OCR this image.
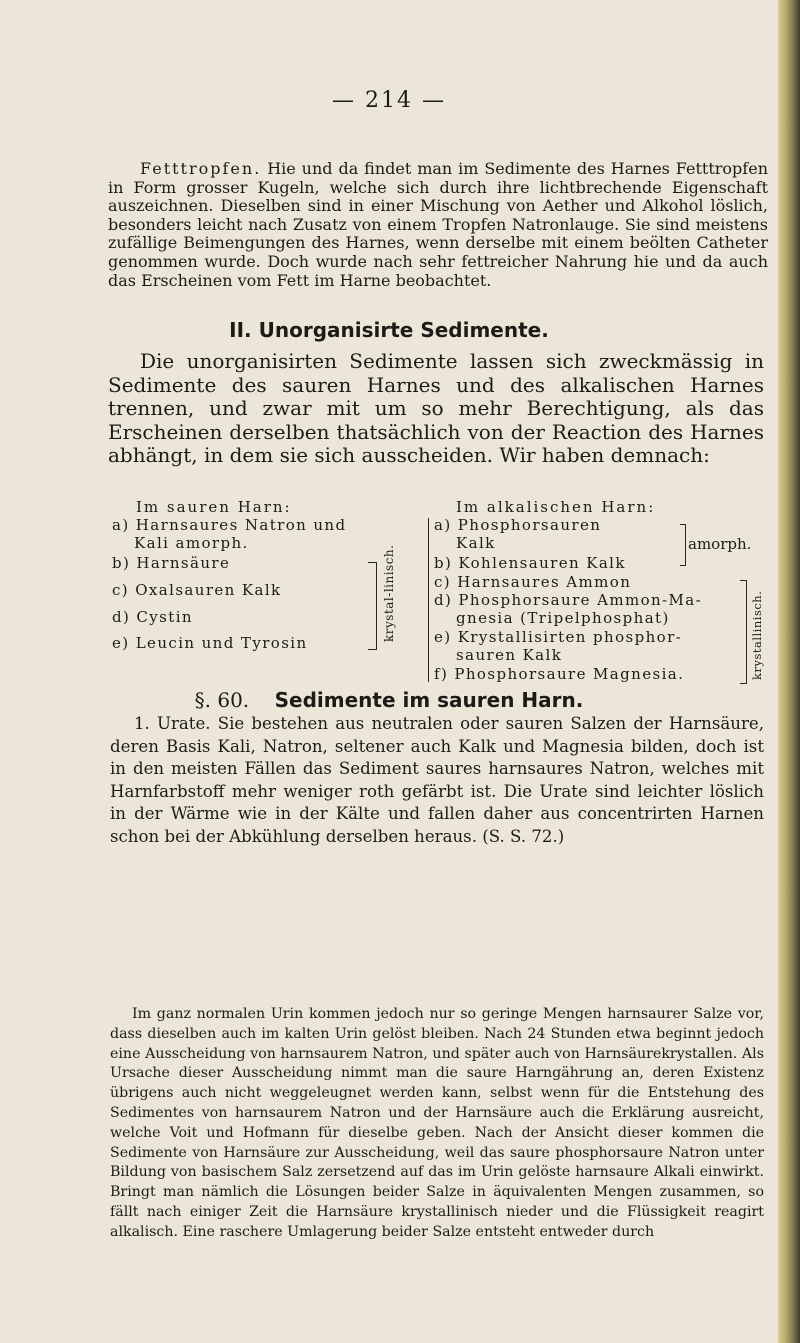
— 214 —

Fetttropfen. Hie und da findet man im Sedimente des Harnes Fetttropfen in Form grosser Kugeln, welche sich durch ihre lichtbrechende Eigenschaft auszeichnen. Dieselben sind in einer Mischung von Aether und Alkohol löslich, besonders leicht nach Zusatz von einem Tropfen Natronlauge. Sie sind meistens zufällige Beimengungen des Harnes, wenn derselbe mit einem beölten Catheter genommen wurde. Doch wurde nach sehr fettreicher Nahrung hie und da auch das Erscheinen vom Fett im Harne beobachtet.

II. Unorganisirte Sedimente.

Die unorganisirten Sedimente lassen sich zweckmässig in Sedimente des sauren Harnes und des alkalischen Harnes trennen, und zwar mit um so mehr Berechtigung, als das Erscheinen derselben thatsächlich von der Reaction des Harnes abhängt, in dem sie sich ausscheiden. Wir haben demnach:

Im sauren Harn:
a) Harnsaures Natron und
Kali amorph.
b) Harnsäure
c) Oxalsauren Kalk
d) Cystin
e) Leucin und Tyrosin
krystal-linisch.
Im alkalischen Harn:
a) Phosphorsauren
Kalk
b) Kohlensauren Kalk
c) Harnsaures Ammon
d) Phosphorsaure Ammon-Ma-
gnesia (Tripelphosphat)
e) Krystallisirten phosphor-
sauren Kalk
f) Phosphorsaure Magnesia.
amorph.
krystallinisch.
§. 60. Sedimente im sauren Harn.

1. Urate. Sie bestehen aus neutralen oder sauren Salzen der Harnsäure, deren Basis Kali, Natron, seltener auch Kalk und Magnesia bilden, doch ist in den meisten Fällen das Sediment saures harnsaures Natron, welches mit Harnfarbstoff mehr weniger roth gefärbt ist. Die Urate sind leichter löslich in der Wärme wie in der Kälte und fallen daher aus concentrirten Harnen schon bei der Abkühlung derselben heraus. (S. S. 72.)

Im ganz normalen Urin kommen jedoch nur so geringe Mengen harnsaurer Salze vor, dass dieselben auch im kalten Urin gelöst bleiben. Nach 24 Stunden etwa beginnt jedoch eine Ausscheidung von harnsaurem Natron, und später auch von Harnsäurekrystallen. Als Ursache dieser Ausscheidung nimmt man die saure Harngährung an, deren Existenz übrigens auch nicht weggeleugnet werden kann, selbst wenn für die Entstehung des Sedimentes von harnsaurem Natron und der Harnsäure auch die Erklärung ausreicht, welche Voit und Hofmann für dieselbe geben. Nach der Ansicht dieser kommen die Sedimente von Harnsäure zur Ausscheidung, weil das saure phosphorsaure Natron unter Bildung von basischem Salz zersetzend auf das im Urin gelöste harnsaure Alkali einwirkt. Bringt man nämlich die Lösungen beider Salze in äquivalenten Mengen zusammen, so fällt nach einiger Zeit die Harnsäure krystallinisch nieder und die Flüssigkeit reagirt alkalisch. Eine raschere Umlagerung beider Salze entsteht entweder durch
